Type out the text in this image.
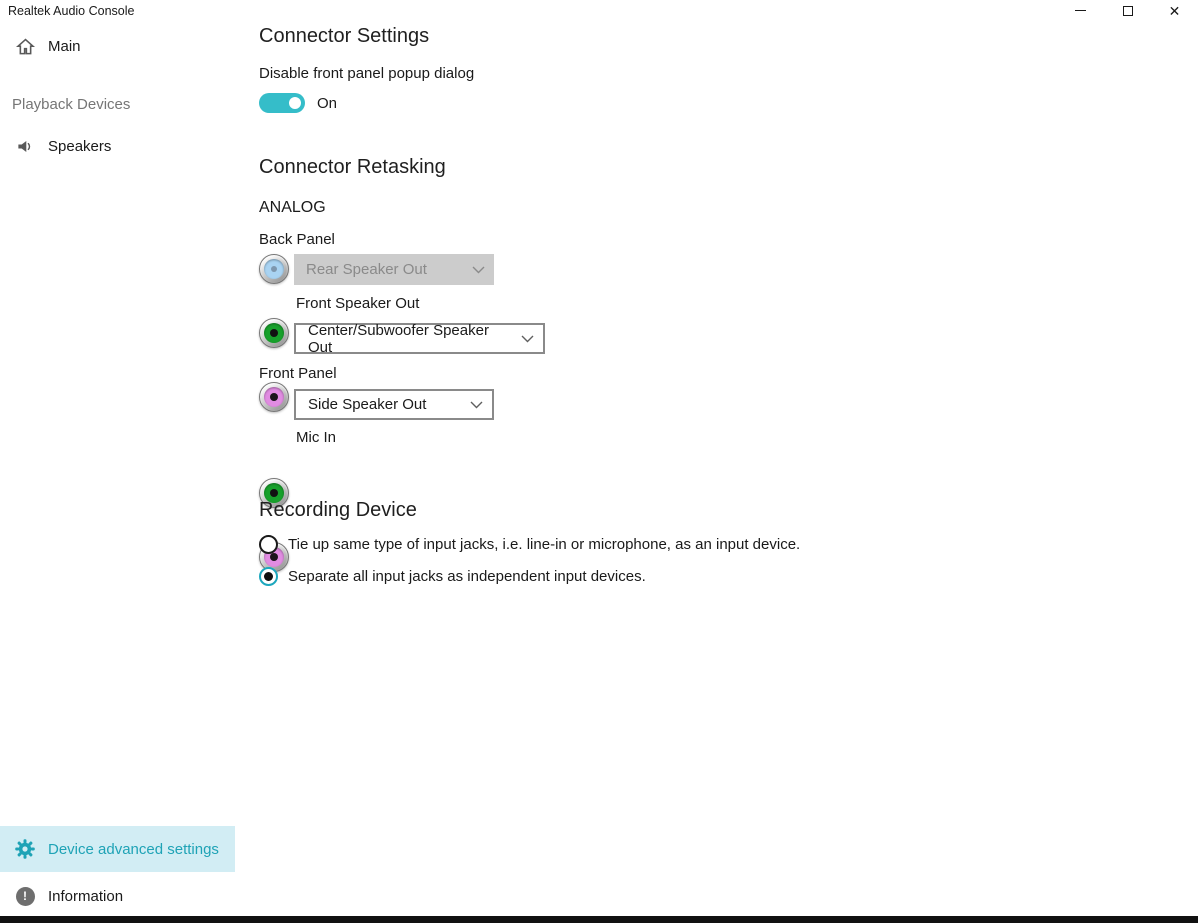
Realtek Audio Console	✕
Main
Playback Devices
Speakers
Device advanced settings
!	Information
Connector Settings
Disable front panel popup dialog
On
Connector Retasking
ANALOG
Back Panel
Rear Speaker Out
Front Speaker Out
Center/Subwoofer Speaker Out
Front Panel
Side Speaker Out
Mic In
Recording Device
Tie up same type of input jacks, i.e. line-in or microphone, as an input device.
Separate all input jacks as independent input devices.
